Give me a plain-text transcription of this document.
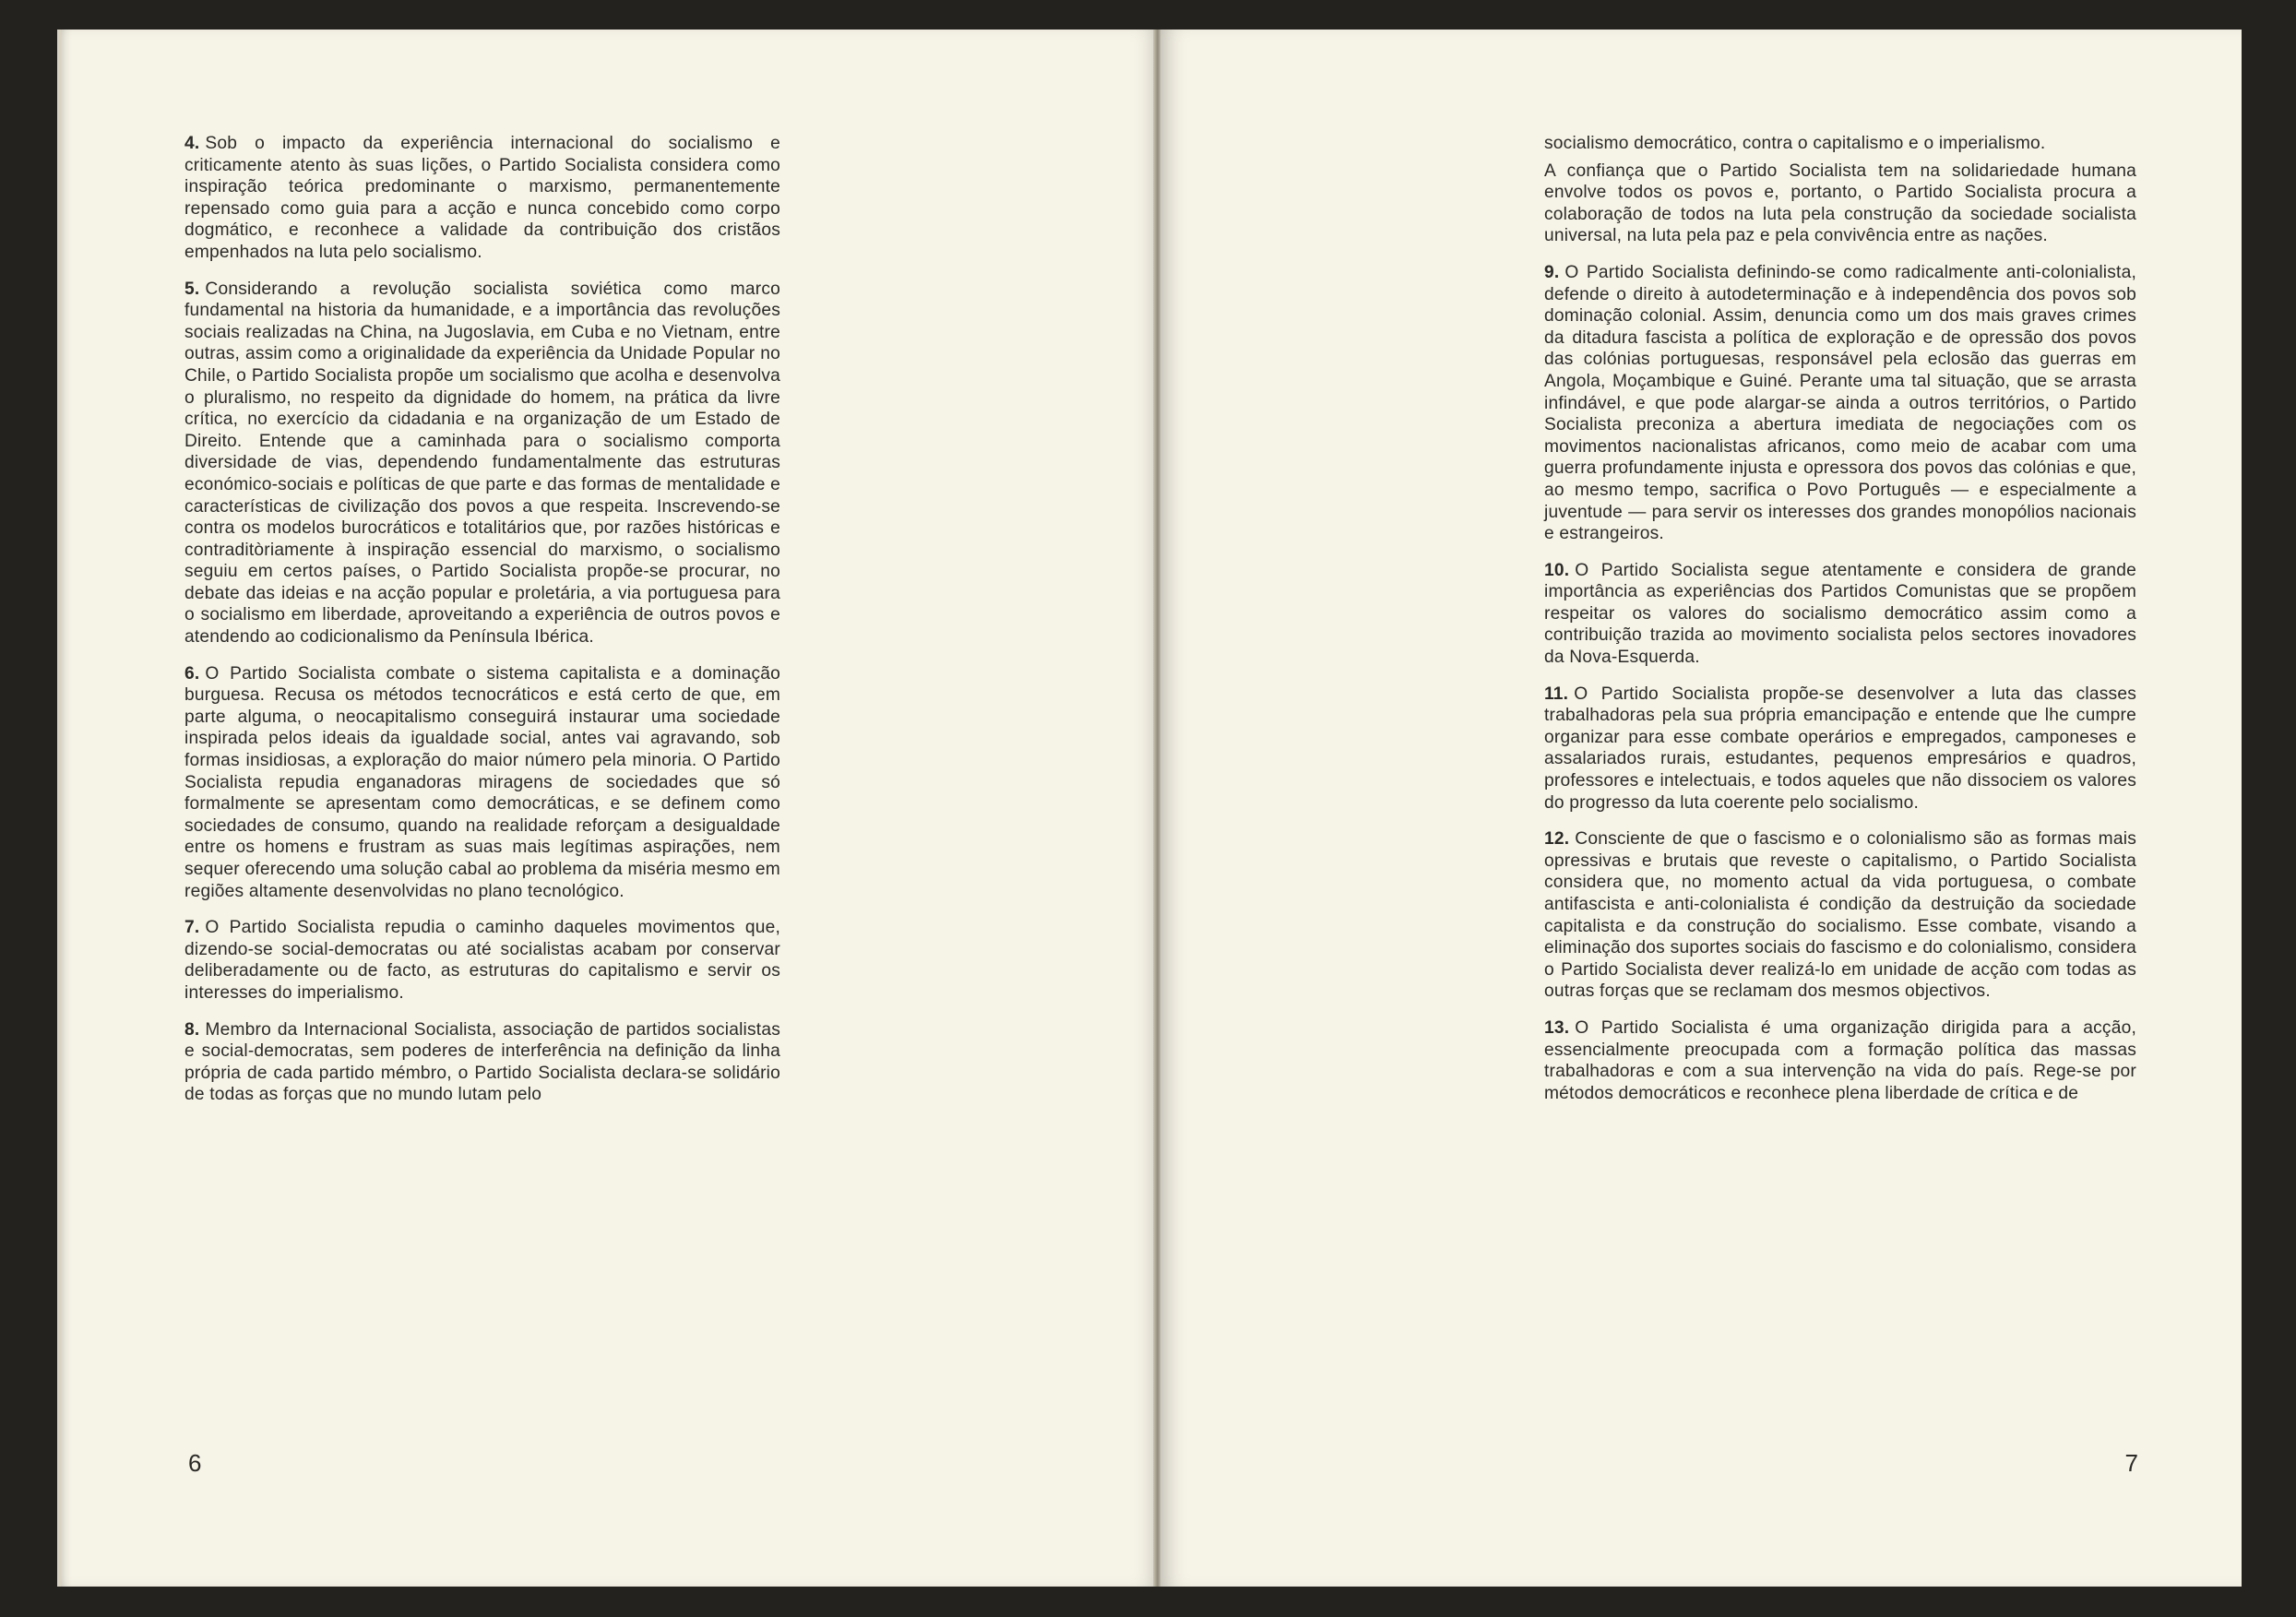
4. Sob o impacto da experiência internacional do socialismo e criticamente atento às suas lições, o Partido Socialista considera como inspiração teórica predominante o marxismo, permanentemente repensado como guia para a acção e nunca concebido como corpo dogmático, e reconhece a validade da contribuição dos cristãos empenhados na luta pelo socialismo.

5. Considerando a revolução socialista soviética como marco fundamental na historia da humanidade, e a importância das revoluções sociais realizadas na China, na Jugoslavia, em Cuba e no Vietnam, entre outras, assim como a originalidade da experiência da Unidade Popular no Chile, o Partido Socialista propõe um socialismo que acolha e desenvolva o pluralismo, no respeito da dignidade do homem, na prática da livre crítica, no exercício da cidadania e na organização de um Estado de Direito. Entende que a caminhada para o socialismo comporta diversidade de vias, dependendo fundamentalmente das estruturas económico-sociais e políticas de que parte e das formas de mentalidade e características de civilização dos povos a que respeita. Inscrevendo-se contra os modelos burocráticos e totalitários que, por razões históricas e contraditòriamente à inspiração essencial do marxismo, o socialismo seguiu em certos países, o Partido Socialista propõe-se procurar, no debate das ideias e na acção popular e proletária, a via portuguesa para o socialismo em liberdade, aproveitando a experiência de outros povos e atendendo ao codicionalismo da Península Ibérica.

6. O Partido Socialista combate o sistema capitalista e a dominação burguesa. Recusa os métodos tecnocráticos e está certo de que, em parte alguma, o neocapitalismo conseguirá instaurar uma sociedade inspirada pelos ideais da igualdade social, antes vai agravando, sob formas insidiosas, a exploração do maior número pela minoria. O Partido Socialista repudia enganadoras miragens de sociedades que só formalmente se apresentam como democráticas, e se definem como sociedades de consumo, quando na realidade reforçam a desigualdade entre os homens e frustram as suas mais legítimas aspirações, nem sequer oferecendo uma solução cabal ao problema da miséria mesmo em regiões altamente desenvolvidas no plano tecnológico.

7. O Partido Socialista repudia o caminho daqueles movimentos que, dizendo-se social-democratas ou até socialistas acabam por conservar deliberadamente ou de facto, as estruturas do capitalismo e servir os interesses do imperialismo.

8. Membro da Internacional Socialista, associação de partidos socialistas e social-democratas, sem poderes de interferência na definição da linha própria de cada partido mémbro, o Partido Socialista declara-se solidário de todas as forças que no mundo lutam pelo

6

socialismo democrático, contra o capitalismo e o imperialismo.

A confiança que o Partido Socialista tem na solidariedade humana envolve todos os povos e, portanto, o Partido Socialista procura a colaboração de todos na luta pela construção da sociedade socialista universal, na luta pela paz e pela convivência entre as nações.

9. O Partido Socialista definindo-se como radicalmente anti-colonialista, defende o direito à autodeterminação e à independência dos povos sob dominação colonial. Assim, denuncia como um dos mais graves crimes da ditadura fascista a política de exploração e de opressão dos povos das colónias portuguesas, responsável pela eclosão das guerras em Angola, Moçambique e Guiné. Perante uma tal situação, que se arrasta infindável, e que pode alargar-se ainda a outros territórios, o Partido Socialista preconiza a abertura imediata de negociações com os movimentos nacionalistas africanos, como meio de acabar com uma guerra profundamente injusta e opressora dos povos das colónias e que, ao mesmo tempo, sacrifica o Povo Português — e especialmente a juventude — para servir os interesses dos grandes monopólios nacionais e estrangeiros.

10. O Partido Socialista segue atentamente e considera de grande importância as experiências dos Partidos Comunistas que se propõem respeitar os valores do socialismo democrático assim como a contribuição trazida ao movimento socialista pelos sectores inovadores da Nova-Esquerda.

11. O Partido Socialista propõe-se desenvolver a luta das classes trabalhadoras pela sua própria emancipação e entende que lhe cumpre organizar para esse combate operários e empregados, camponeses e assalariados rurais, estudantes, pequenos empresários e quadros, professores e intelectuais, e todos aqueles que não dissociem os valores do progresso da luta coerente pelo socialismo.

12. Consciente de que o fascismo e o colonialismo são as formas mais opressivas e brutais que reveste o capitalismo, o Partido Socialista considera que, no momento actual da vida portuguesa, o combate antifascista e anti-colonialista é condição da destruição da sociedade capitalista e da construção do socialismo. Esse combate, visando a eliminação dos suportes sociais do fascismo e do colonialismo, considera o Partido Socialista dever realizá-lo em unidade de acção com todas as outras forças que se reclamam dos mesmos objectivos.

13. O Partido Socialista é uma organização dirigida para a acção, essencialmente preocupada com a formação política das massas trabalhadoras e com a sua intervenção na vida do país. Rege-se por métodos democráticos e reconhece plena liberdade de crítica e de

7
